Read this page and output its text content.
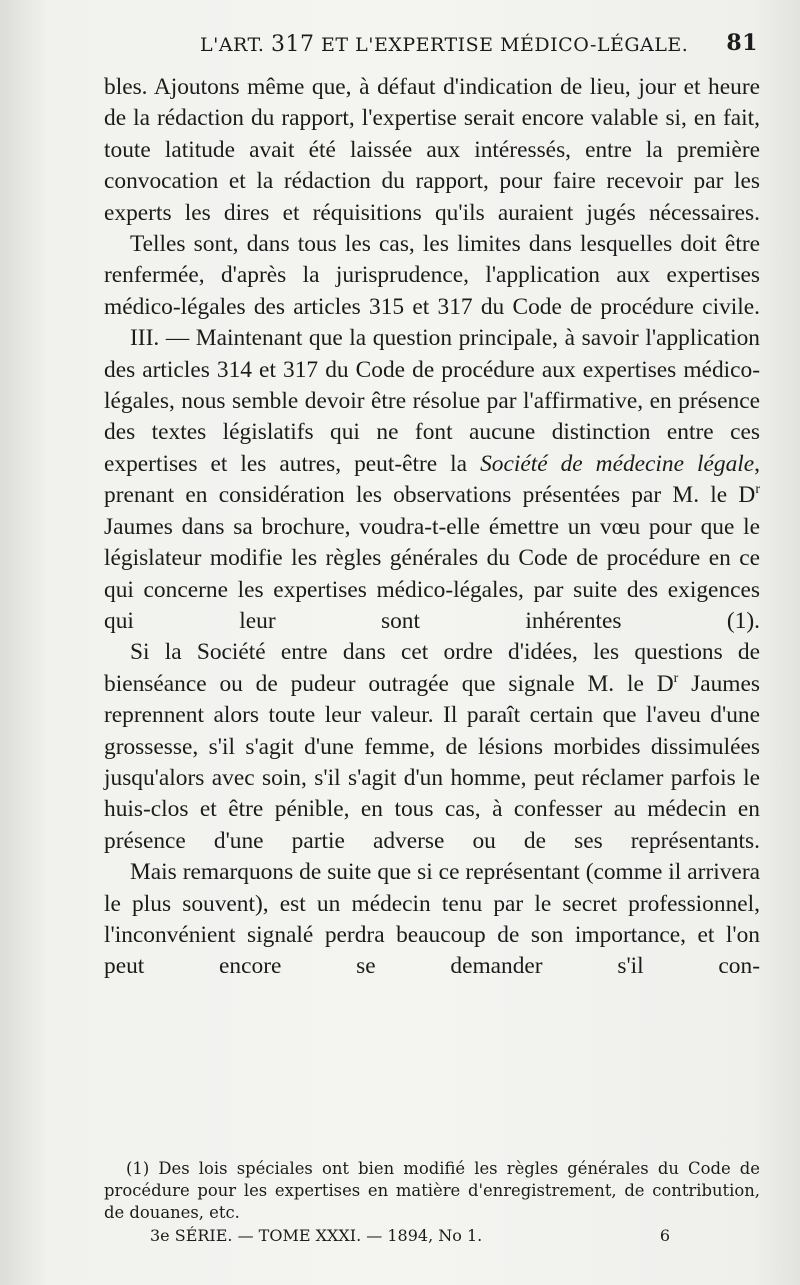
L'ART. 317 ET L'EXPERTISE MÉDICO-LÉGALE. 81

bles. Ajoutons même que, à défaut d'indication de lieu, jour et heure de la rédaction du rapport, l'expertise serait encore valable si, en fait, toute latitude avait été laissée aux intéressés, entre la première convocation et la rédaction du rapport, pour faire recevoir par les experts les dires et réquisitions qu'ils auraient jugés nécessaires.

Telles sont, dans tous les cas, les limites dans lesquelles doit être renfermée, d'après la jurisprudence, l'application aux expertises médico-légales des articles 315 et 317 du Code de procédure civile.

III. — Maintenant que la question principale, à savoir l'application des articles 314 et 317 du Code de procédure aux expertises médico-légales, nous semble devoir être résolue par l'affirmative, en présence des textes législatifs qui ne font aucune distinction entre ces expertises et les autres, peut-être la Société de médecine légale, prenant en considération les observations présentées par M. le $D^r$ Jaumes dans sa brochure, voudra-t-elle émettre un vœu pour que le législateur modifie les règles générales du Code de procédure en ce qui concerne les expertises médico-légales, par suite des exigences qui leur sont inhérentes (1).

Si la Société entre dans cet ordre d'idées, les questions de bienséance ou de pudeur outragée que signale M. le $D^r$ Jaumes reprennent alors toute leur valeur. Il paraît certain que l'aveu d'une grossesse, s'il s'agit d'une femme, de lésions morbides dissimulées jusqu'alors avec soin, s'il s'agit d'un homme, peut réclamer parfois le huis-clos et être pénible, en tous cas, à confesser au médecin en présence d'une partie adverse ou de ses représentants.

Mais remarquons de suite que si ce représentant (comme il arrivera le plus souvent), est un médecin tenu par le secret professionnel, l'inconvénient signalé perdra beaucoup de son importance, et l'on peut encore se demander s'il con-

(1) Des lois spéciales ont bien modifié les règles générales du Code de procédure pour les expertises en matière d'enregistrement, de contribution, de douanes, etc.

3e SÉRIE. — TOME XXXI. — 1894, No 1.	6
